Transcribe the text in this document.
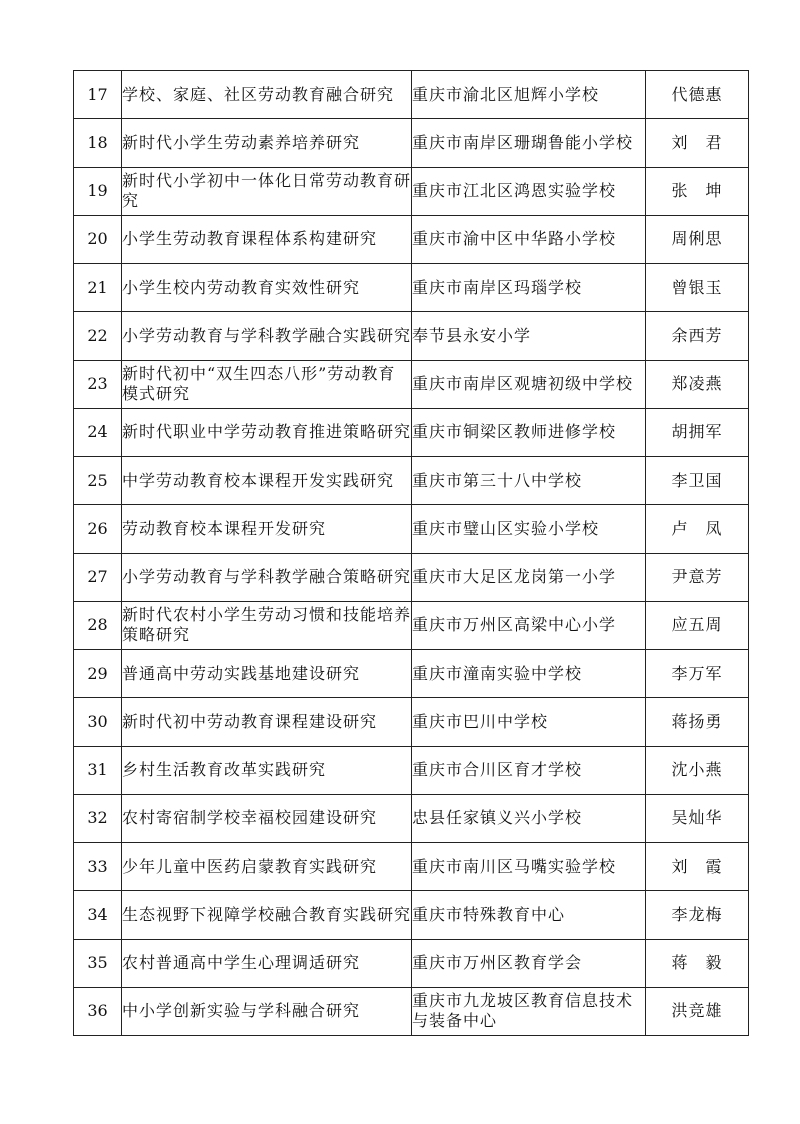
17	学校、家庭、社区劳动教育融合研究	重庆市渝北区旭辉小学校	代德惠
18	新时代小学生劳动素养培养研究	重庆市南岸区珊瑚鲁能小学校	刘　君
19	新时代小学初中一体化日常劳动教育研究	重庆市江北区鸿恩实验学校	张　坤
20	小学生劳动教育课程体系构建研究	重庆市渝中区中华路小学校	周俐思
21	小学生校内劳动教育实效性研究	重庆市南岸区玛瑙学校	曾银玉
22	小学劳动教育与学科教学融合实践研究	奉节县永安小学	余西芳
23	新时代初中“双生四态八形”劳动教育模式研究	重庆市南岸区观塘初级中学校	郑凌燕
24	新时代职业中学劳动教育推进策略研究	重庆市铜梁区教师进修学校	胡拥军
25	中学劳动教育校本课程开发实践研究	重庆市第三十八中学校	李卫国
26	劳动教育校本课程开发研究	重庆市璧山区实验小学校	卢　凤
27	小学劳动教育与学科教学融合策略研究	重庆市大足区龙岗第一小学	尹意芳
28	新时代农村小学生劳动习惯和技能培养策略研究	重庆市万州区高梁中心小学	应五周
29	普通高中劳动实践基地建设研究	重庆市潼南实验中学校	李万军
30	新时代初中劳动教育课程建设研究	重庆市巴川中学校	蒋扬勇
31	乡村生活教育改革实践研究	重庆市合川区育才学校	沈小燕
32	农村寄宿制学校幸福校园建设研究	忠县任家镇义兴小学校	吴灿华
33	少年儿童中医药启蒙教育实践研究	重庆市南川区马嘴实验学校	刘　霞
34	生态视野下视障学校融合教育实践研究	重庆市特殊教育中心	李龙梅
35	农村普通高中学生心理调适研究	重庆市万州区教育学会	蒋　毅
36	中小学创新实验与学科融合研究	重庆市九龙坡区教育信息技术与装备中心	洪竞雄
